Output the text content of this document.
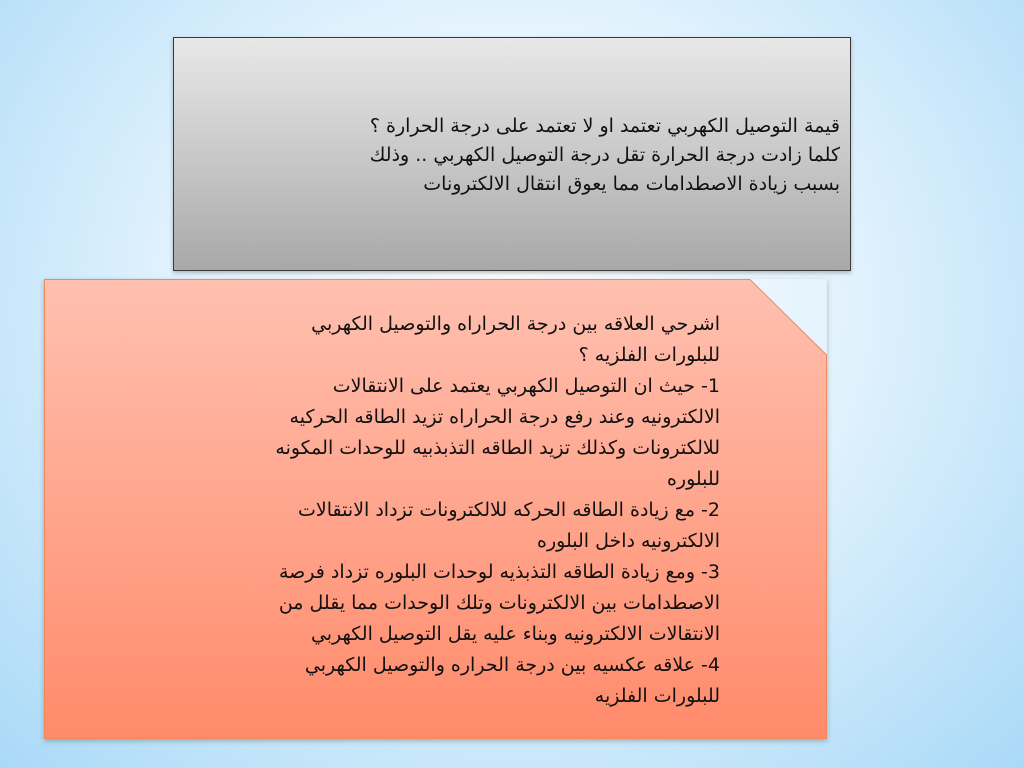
قيمة التوصيل الكهربي تعتمد او لا تعتمد على درجة الحرارة ؟
كلما زادت درجة الحرارة تقل درجة التوصيل الكهربي .. وذلك
بسبب زيادة الاصطدامات مما يعوق انتقال الالكترونات
اشرحي العلاقه بين درجة الحراراه والتوصيل الكهربي
للبلورات الفلزيه ؟
1- حيث ان التوصيل الكهربي يعتمد على الانتقالات
الالكترونيه وعند رفع درجة الحراراه تزيد الطاقه الحركيه
للالكترونات وكذلك تزيد الطاقه التذبذبيه للوحدات المكونه
للبلوره
2- مع زيادة الطاقه الحركه للالكترونات تزداد الانتقالات
الالكترونيه داخل البلوره
3- ومع زيادة الطاقه التذبذيه لوحدات البلوره تزداد فرصة
الاصطدامات بين الالكترونات وتلك الوحدات مما يقلل من
الانتقالات الالكترونيه وبناء عليه يقل التوصيل الكهربي
4- علاقه عكسيه بين درجة الحراره والتوصيل الكهربي
للبلورات الفلزيه
